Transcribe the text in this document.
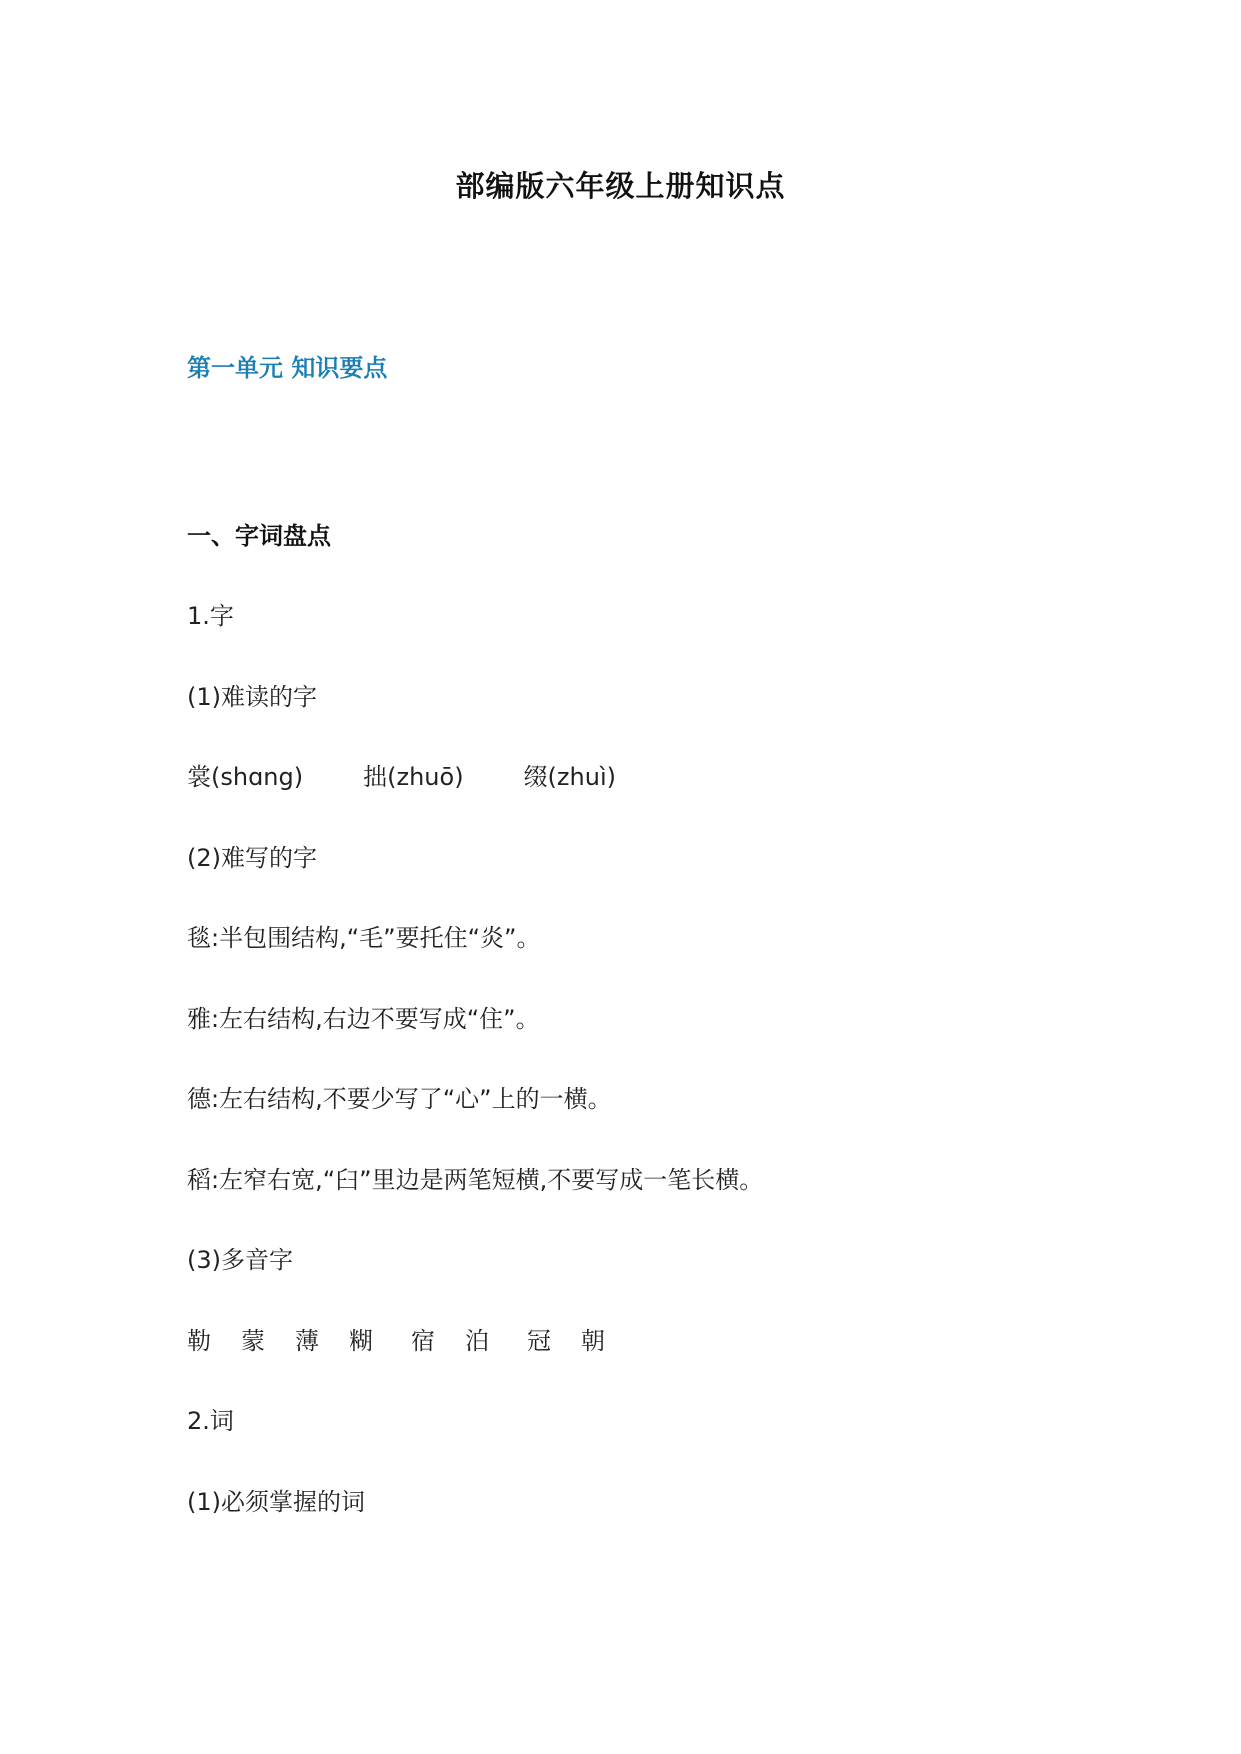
部编版六年级上册知识点
第一单元 知识要点
一、字词盘点
1.字
(1)难读的字
裳(shɑng)	拙(zhuō)	缀(zhuì)
(2)难写的字
毯:半包围结构,“毛”要托住“炎”。
雅:左右结构,右边不要写成“住”。
德:左右结构,不要少写了“心”上的一横。
稻:左窄右宽,“臼”里边是两笔短横,不要写成一笔长横。
(3)多音字
勒 蒙 薄 糊 宿 泊 冠 朝
2.词
(1)必须掌握的词
